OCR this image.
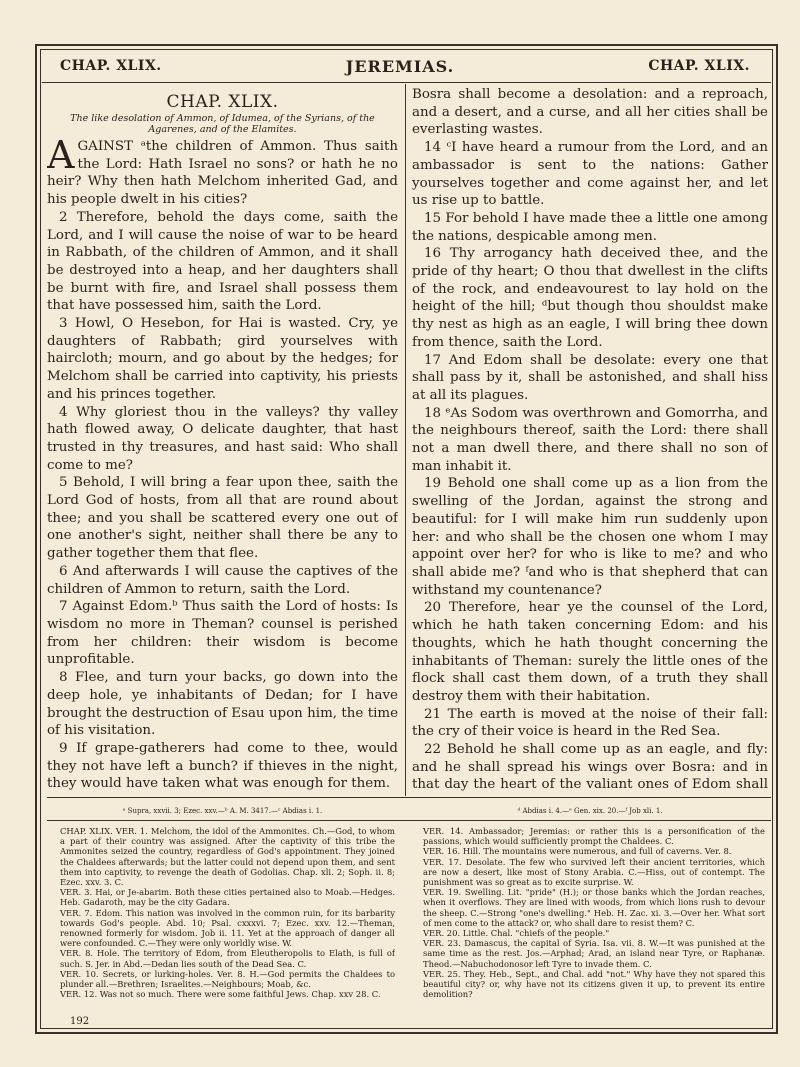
CHAP. XLIX.	JEREMIAS.	CHAP. XLIX.
CHAP. XLIX.
The like desolation of Ammon, of Idumea, of the Syrians, of the Agarenes, and of the Elamites.

AGAINST ᵃthe children of Ammon. Thus saith the Lord: Hath Israel no sons? or hath he no heir? Why then hath Melchom inherited Gad, and his people dwelt in his cities?

2 Therefore, behold the days come, saith the Lord, and I will cause the noise of war to be heard in Rabbath, of the children of Ammon, and it shall be destroyed into a heap, and her daughters shall be burnt with fire, and Israel shall possess them that have possessed him, saith the Lord.

3 Howl, O Hesebon, for Hai is wasted. Cry, ye daughters of Rabbath; gird yourselves with haircloth; mourn, and go about by the hedges; for Melchom shall be carried into captivity, his priests and his princes together.

4 Why gloriest thou in the valleys? thy valley hath flowed away, O delicate daughter, that hast trusted in thy treasures, and hast said: Who shall come to me?

5 Behold, I will bring a fear upon thee, saith the Lord God of hosts, from all that are round about thee; and you shall be scattered every one out of one another's sight, neither shall there be any to gather together them that flee.

6 And afterwards I will cause the captives of the children of Ammon to return, saith the Lord.

7 Against Edom.ᵇ Thus saith the Lord of hosts: Is wisdom no more in Theman? counsel is perished from her children: their wisdom is become unprofitable.

8 Flee, and turn your backs, go down into the deep hole, ye inhabitants of Dedan; for I have brought the destruction of Esau upon him, the time of his visitation.

9 If grape-gatherers had come to thee, would they not have left a bunch? if thieves in the night, they would have taken what was enough for them.

Bosra shall become a desolation: and a reproach, and a desert, and a curse, and all her cities shall be everlasting wastes.

14 ᶜI have heard a rumour from the Lord, and an ambassador is sent to the nations: Gather yourselves together and come against her, and let us rise up to battle.

15 For behold I have made thee a little one among the nations, despicable among men.

16 Thy arrogancy hath deceived thee, and the pride of thy heart; O thou that dwellest in the clifts of the rock, and endeavourest to lay hold on the height of the hill; ᵈbut though thou shouldst make thy nest as high as an eagle, I will bring thee down from thence, saith the Lord.

17 And Edom shall be desolate: every one that shall pass by it, shall be astonished, and shall hiss at all its plagues.

18 ᵉAs Sodom was overthrown and Gomorrha, and the neighbours thereof, saith the Lord: there shall not a man dwell there, and there shall no son of man inhabit it.

19 Behold one shall come up as a lion from the swelling of the Jordan, against the strong and beautiful: for I will make him run suddenly upon her: and who shall be the chosen one whom I may appoint over her? for who is like to me? and who shall abide me? ᶠand who is that shepherd that can withstand my countenance?

20 Therefore, hear ye the counsel of the Lord, which he hath taken concerning Edom: and his thoughts, which he hath thought concerning the inhabitants of Theman: surely the little ones of the flock shall cast them down, of a truth they shall destroy them with their habitation.

21 The earth is moved at the noise of their fall: the cry of their voice is heard in the Red Sea.

22 Behold he shall come up as an eagle, and fly: and he shall spread his wings over Bosra: and in that day the heart of the valiant ones of Edom shall

ᵃ Supra, xxvii. 3; Ezec. xxv.—ᵇ A. M. 3417.—ᶜ Abdias i. 1.	ᵈ Abdias i. 4.—ᵉ Gen. xix. 20.—ᶠ Job xli. 1.

CHAP. XLIX. VER. 1. Melchom, the idol of the Ammonites. Ch.—God, to whom a part of their country was assigned. After the captivity of this tribe the Ammonites seized the country, regardless of God's appointment. They joined the Chaldees afterwards; but the latter could not depend upon them, and sent them into captivity, to revenge the death of Godolias. Chap. xli. 2; Soph. ii. 8; Ezec. xxv. 3. C.

VER. 3. Hai, or Je-abarim. Both these cities pertained also to Moab.—Hedges. Heb. Gadaroth, may be the city Gadara.

VER. 7. Edom. This nation was involved in the common ruin, for its barbarity towards God's people. Abd. 10; Psal. cxxxvi. 7; Ezec. xxv. 12.—Theman, renowned formerly for wisdom. Job ii. 11. Yet at the approach of danger all were confounded. C.—They were only worldly wise. W.

VER. 8. Hole. The territory of Edom, from Eleutheropolis to Elath, is full of such. S. Jer. in Abd.—Dedan lies south of the Dead Sea. C.

VER. 10. Secrets, or lurking-holes. Ver. 8. H.—God permits the Chaldees to plunder all.—Brethren; Israelites.—Neighbours; Moab, &c.

VER. 12. Was not so much. There were some faithful Jews. Chap. xxv 28. C.

VER. 14. Ambassador; Jeremias: or rather this is a personification of the passions, which would sufficiently prompt the Chaldees. C.

VER. 16. Hill. The mountains were numerous, and full of caverns. Ver. 8.

VER. 17. Desolate. The few who survived left their ancient territories, which are now a desert, like most of Stony Arabia. C.—Hiss, out of contempt. The punishment was so great as to excite surprise. W.

VER. 19. Swelling. Lit. "pride" (H.); or those banks which the Jordan reaches, when it overflows. They are lined with woods, from which lions rush to devour the sheep. C.—Strong "one's dwelling." Heb. H. Zac. xi. 3.—Over her. What sort of men come to the attack? or, who shall dare to resist them? C.

VER. 20. Little. Chal. "chiefs of the people."

VER. 23. Damascus, the capital of Syria. Isa. vii. 8. W.—It was punished at the same time as the rest. Jos.—Arphad; Arad, an island near Tyre, or Raphanæ. Theod.—Nabuchodonosor left Tyre to invade them. C.

VER. 25. They. Heb., Sept., and Chal. add "not." Why have they not spared this beautiful city? or, why have not its citizens given it up, to prevent its entire demolition?

192
